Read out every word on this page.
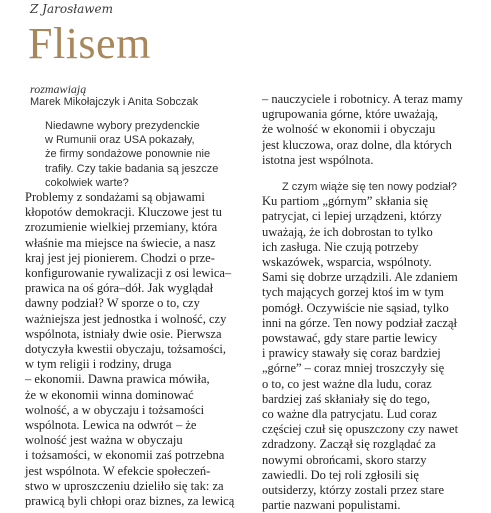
Z Jarosławem
Flisem
rozmawiają
Marek Mikołajczyk i Anita Sobczak
Niedawne wybory prezydenckie
w Rumunii oraz USA pokazały,
że firmy sondażowe ponownie nie
trafiły. Czy takie badania są jeszcze
cokolwiek warte?
Problemy z sondażami są objawami
kłopotów demokracji. Kluczowe jest tu
zrozumienie wielkiej przemiany, która
właśnie ma miejsce na świecie, a nasz
kraj jest jej pionierem. Chodzi o prze-
konfigurowanie rywalizacji z osi lewica–
prawica na oś góra–dół. Jak wyglądał
dawny podział? W sporze o to, czy
ważniejsza jest jednostka i wolność, czy
wspólnota, istniały dwie osie. Pierwsza
dotyczyła kwestii obyczaju, tożsamości,
w tym religii i rodziny, druga
– ekonomii. Dawna prawica mówiła,
że w ekonomii winna dominować
wolność, a w obyczaju i tożsamości
wspólnota. Lewica na odwrót – że
wolność jest ważna w obyczaju
i tożsamości, w ekonomii zaś potrzebna
jest wspólnota. W efekcie społeczeń-
stwo w uproszczeniu dzieliło się tak: za
prawicą byli chłopi oraz biznes, za lewicą
– nauczyciele i robotnicy. A teraz mamy
ugrupowania górne, które uważają,
że wolność w ekonomii i obyczaju
jest kluczowa, oraz dolne, dla których
istotna jest wspólnota.
Z czym wiąże się ten nowy podział?
Ku partiom „górnym” skłania się
patrycjat, ci lepiej urządzeni, którzy
uważają, że ich dobrostan to tylko
ich zasługa. Nie czują potrzeby
wskazówek, wsparcia, wspólnoty.
Sami się dobrze urządzili. Ale zdaniem
tych mających gorzej ktoś im w tym
pomógł. Oczywiście nie sąsiad, tylko
inni na górze. Ten nowy podział zaczął
powstawać, gdy stare partie lewicy
i prawicy stawały się coraz bardziej
„górne” – coraz mniej troszczyły się
o to, co jest ważne dla ludu, coraz
bardziej zaś skłaniały się do tego,
co ważne dla patrycjatu. Lud coraz
częściej czuł się opuszczony czy nawet
zdradzony. Zaczął się rozglądać za
nowymi obrońcami, skoro starzy
zawiedli. Do tej roli zgłosili się
outsiderzy, którzy zostali przez stare
partie nazwani populistami.
